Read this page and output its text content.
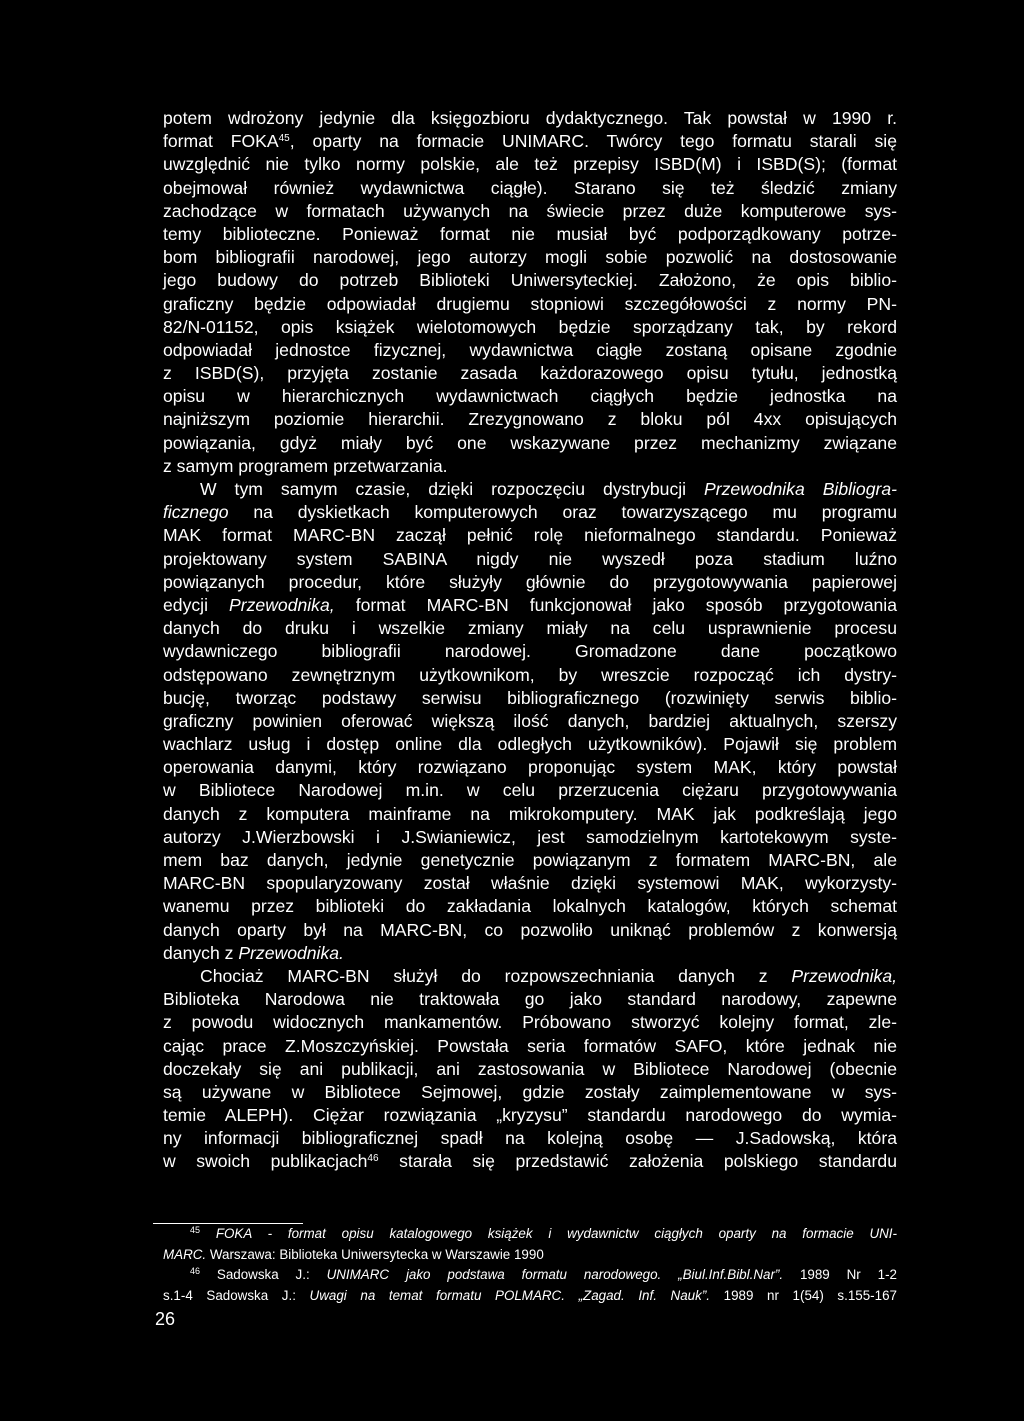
potem wdrożony jedynie dla księgozbioru dydaktycznego. Tak powstał w 1990 r.
format FOKA$^{45}$, oparty na formacie UNIMARC. Twórcy tego formatu starali się
uwzględnić nie tylko normy polskie, ale też przepisy ISBD(M) i ISBD(S); (format
obejmował również wydawnictwa ciągłe). Starano się też śledzić zmiany
zachodzące w formatach używanych na świecie przez duże komputerowe sys-
temy biblioteczne. Ponieważ format nie musiał być podporządkowany potrze-
bom bibliografii narodowej, jego autorzy mogli sobie pozwolić na dostosowanie
jego budowy do potrzeb Biblioteki Uniwersyteckiej. Założono, że opis biblio-
graficzny będzie odpowiadał drugiemu stopniowi szczegółowości z normy PN-
82/N-01152, opis książek wielotomowych będzie sporządzany tak, by rekord
odpowiadał jednostce fizycznej, wydawnictwa ciągłe zostaną opisane zgodnie
z ISBD(S), przyjęta zostanie zasada każdorazowego opisu tytułu, jednostką
opisu w hierarchicznych wydawnictwach ciągłych będzie jednostka na
najniższym poziomie hierarchii. Zrezygnowano z bloku pól 4xx opisujących
powiązania, gdyż miały być one wskazywane przez mechanizmy związane
z samym programem przetwarzania.
W tym samym czasie, dzięki rozpoczęciu dystrybucji Przewodnika Bibliogra-
ficznego na dyskietkach komputerowych oraz towarzyszącego mu programu
MAK format MARC-BN zaczął pełnić rolę nieformalnego standardu. Ponieważ
projektowany system SABINA nigdy nie wyszedł poza stadium luźno
powiązanych procedur, które służyły głównie do przygotowywania papierowej
edycji Przewodnika, format MARC-BN funkcjonował jako sposób przygotowania
danych do druku i wszelkie zmiany miały na celu usprawnienie procesu
wydawniczego bibliografii narodowej. Gromadzone dane początkowo
odstępowano zewnętrznym użytkownikom, by wreszcie rozpocząć ich dystry-
bucję, tworząc podstawy serwisu bibliograficznego (rozwinięty serwis biblio-
graficzny powinien oferować większą ilość danych, bardziej aktualnych, szerszy
wachlarz usług i dostęp online dla odległych użytkowników). Pojawił się problem
operowania danymi, który rozwiązano proponując system MAK, który powstał
w Bibliotece Narodowej m.in. w celu przerzucenia ciężaru przygotowywania
danych z komputera mainframe na mikrokomputery. MAK jak podkreślają jego
autorzy J.Wierzbowski i J.Swianiewicz, jest samodzielnym kartotekowym syste-
mem baz danych, jedynie genetycznie powiązanym z formatem MARC-BN, ale
MARC-BN spopularyzowany został właśnie dzięki systemowi MAK, wykorzysty-
wanemu przez biblioteki do zakładania lokalnych katalogów, których schemat
danych oparty był na MARC-BN, co pozwoliło uniknąć problemów z konwersją
danych z Przewodnika.
Chociaż MARC-BN służył do rozpowszechniania danych z Przewodnika,
Biblioteka Narodowa nie traktowała go jako standard narodowy, zapewne
z powodu widocznych mankamentów. Próbowano stworzyć kolejny format, zle-
cając prace Z.Moszczyńskiej. Powstała seria formatów SAFO, które jednak nie
doczekały się ani publikacji, ani zastosowania w Bibliotece Narodowej (obecnie
są używane w Bibliotece Sejmowej, gdzie zostały zaimplementowane w sys-
temie ALEPH). Ciężar rozwiązania „kryzysu” standardu narodowego do wymia-
ny informacji bibliograficznej spadł na kolejną osobę — J.Sadowską, która
w swoich publikacjach$^{46}$ starała się przedstawić założenia polskiego standardu
$^{45}$ FOKA - format opisu katalogowego książek i wydawnictw ciągłych oparty na formacie UNI-
MARC. Warszawa: Biblioteka Uniwersytecka w Warszawie 1990
$^{46}$ Sadowska J.: UNIMARC jako podstawa formatu narodowego. „Biul.Inf.Bibl.Nar”. 1989 Nr 1-2
s.1-4 Sadowska J.: Uwagi na temat formatu POLMARC. „Zagad. Inf. Nauk”. 1989 nr 1(54) s.155-167
26
